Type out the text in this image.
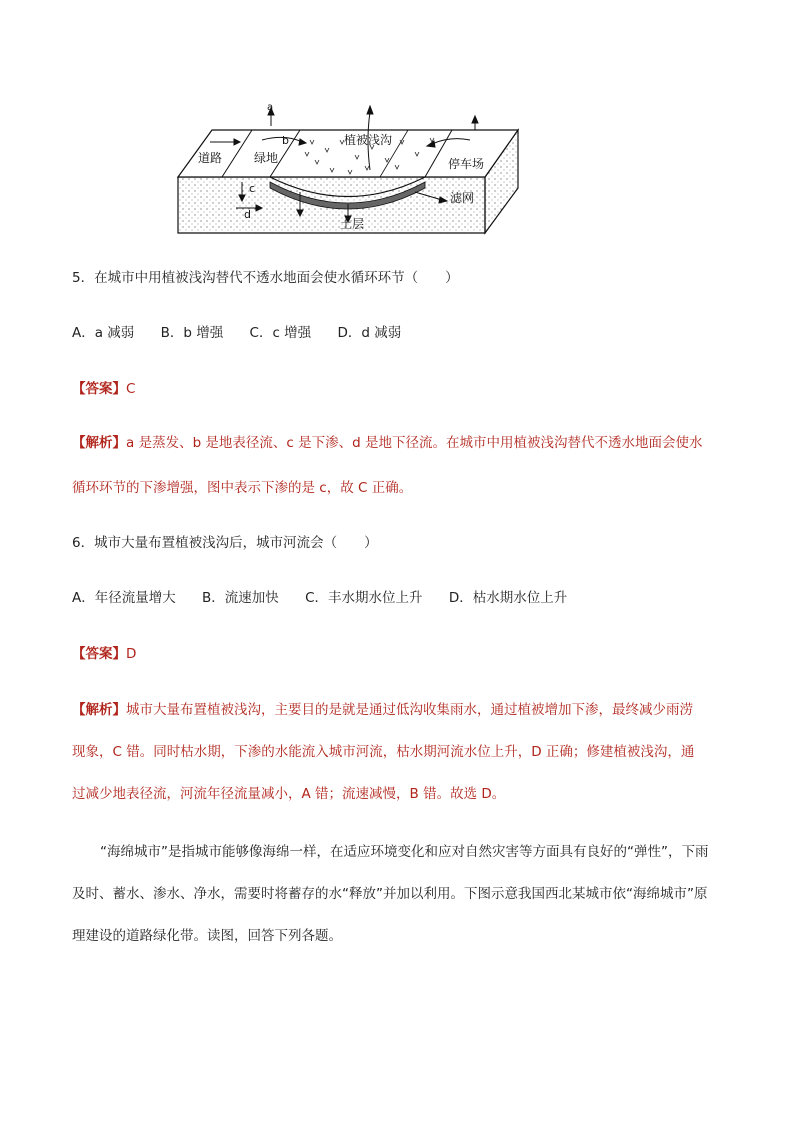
a
b
c
d
道路	绿地
植被浅沟
停车场
滤网
土层
5．在城市中用植被浅沟替代不透水地面会使水循环环节（　　）
A．a 减弱 B．b 增强 C．c 增强 D．d 减弱
【答案】C
【解析】a 是蒸发、b 是地表径流、c 是下渗、d 是地下径流。在城市中用植被浅沟替代不透水地面会使水
循环环节的下渗增强，图中表示下渗的是 c，故 C 正确。
6．城市大量布置植被浅沟后，城市河流会（　　）
A．年径流量增大 B．流速加快 C．丰水期水位上升 D．枯水期水位上升
【答案】D
【解析】城市大量布置植被浅沟，主要目的是就是通过低沟收集雨水，通过植被增加下渗，最终减少雨涝
现象，C 错。同时枯水期，下渗的水能流入城市河流，枯水期河流水位上升，D 正确；修建植被浅沟，通
过减少地表径流，河流年径流量减小，A 错；流速减慢，B 错。故选 D。
“海绵城市”是指城市能够像海绵一样，在适应环境变化和应对自然灾害等方面具有良好的“弹性”，下雨
及时、蓄水、渗水、净水，需要时将蓄存的水“释放”并加以利用。下图示意我国西北某城市依“海绵城市”原
理建设的道路绿化带。读图，回答下列各题。
